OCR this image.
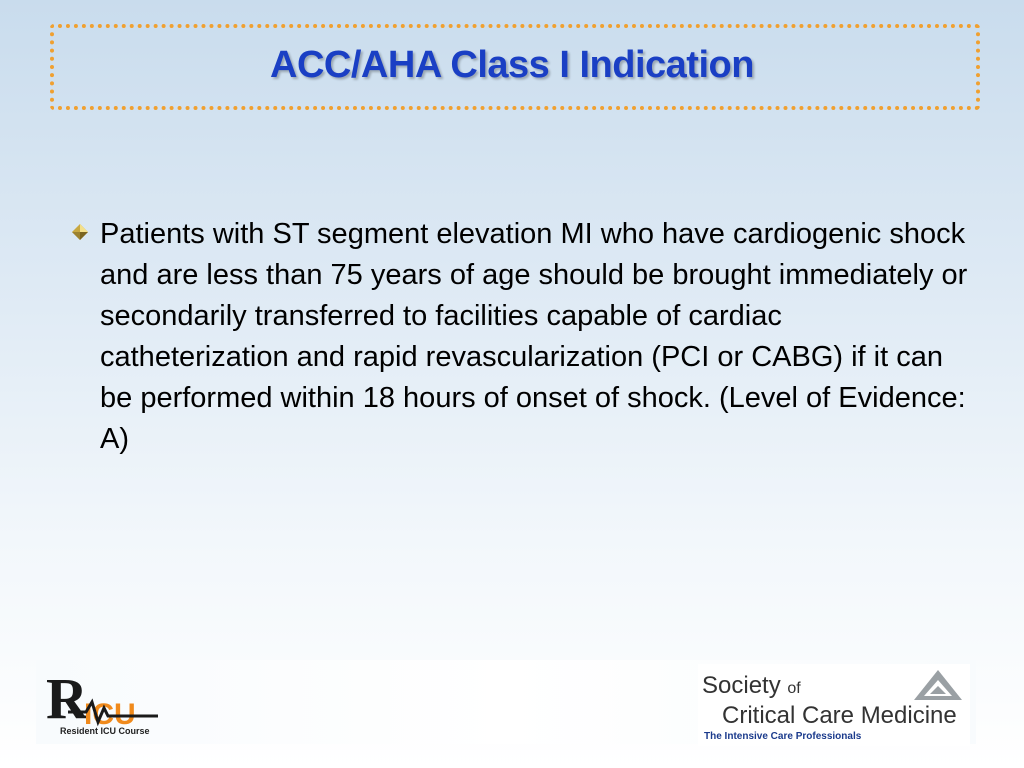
ACC/AHA Class I Indication
Patients with ST segment elevation MI who have cardiogenic shock and are less than 75 years of age should be brought immediately or secondarily transferred to facilities capable of cardiac catheterization and rapid revascularization (PCI or CABG) if it can be performed within 18 hours of onset of shock. (Level of Evidence: A)
R
ICU
Resident ICU Course
Society of
Critical Care Medicine
The Intensive Care Professionals
